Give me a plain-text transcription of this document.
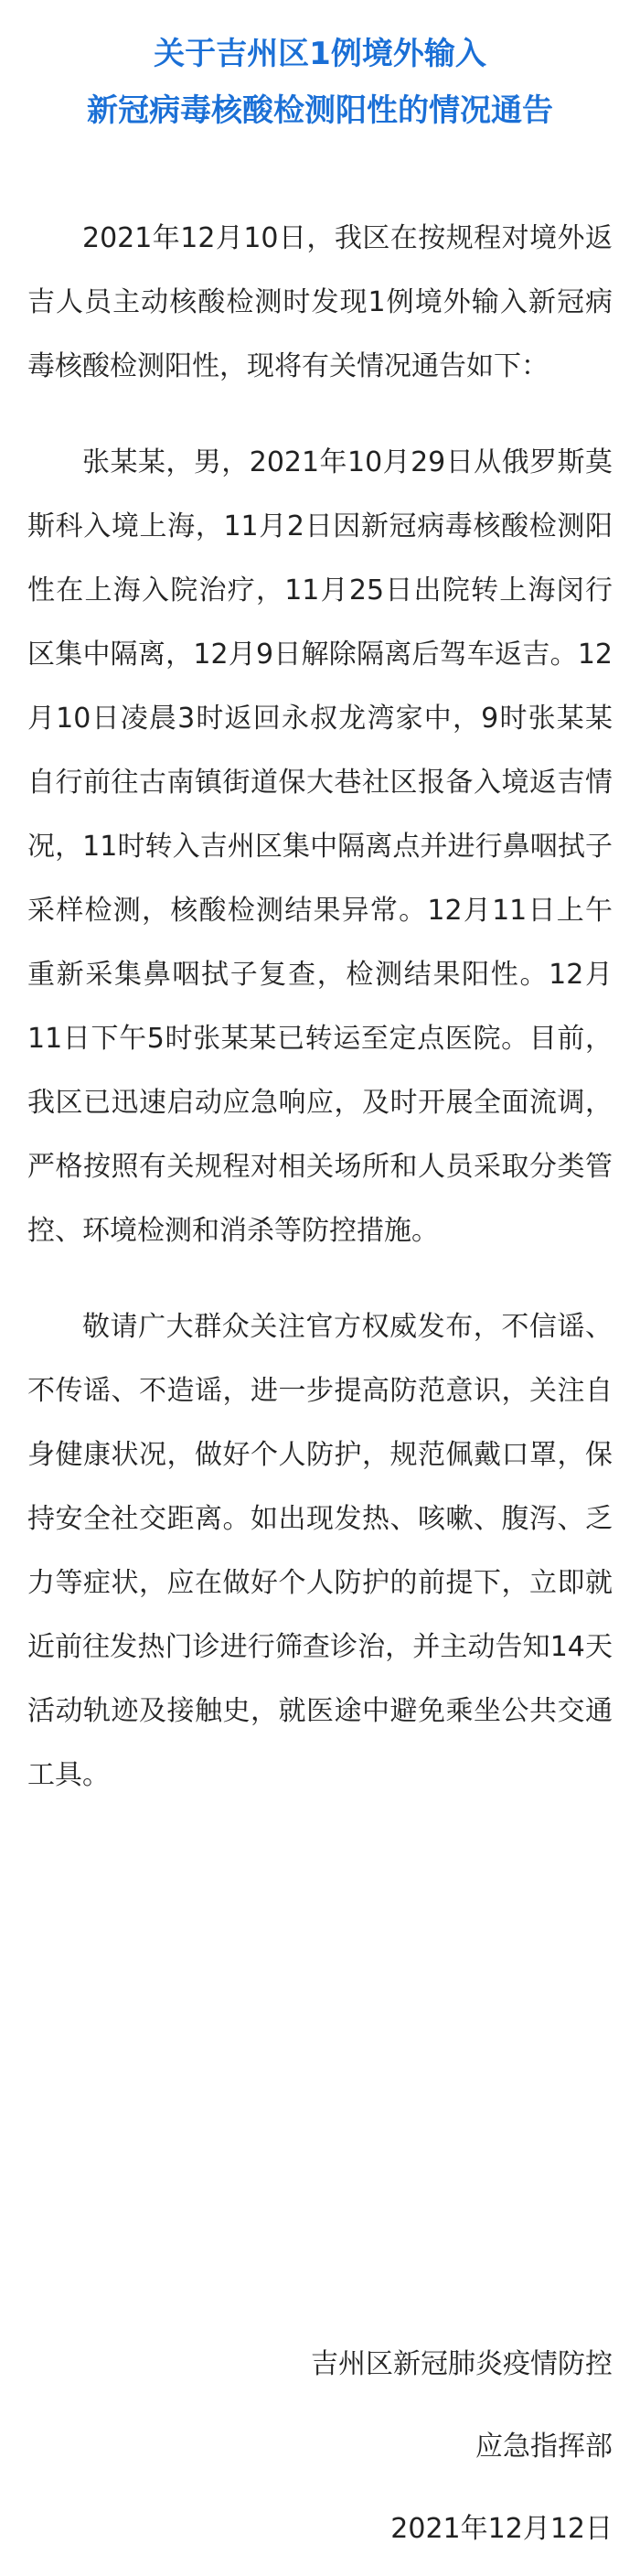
关于吉州区1例境外输入
新冠病毒核酸检测阳性的情况通告

2021年12月10日，我区在按规程对境外返吉人员主动核酸检测时发现1例境外输入新冠病毒核酸检测阳性，现将有关情况通告如下：

张某某，男，2021年10月29日从俄罗斯莫斯科入境上海，11月2日因新冠病毒核酸检测阳性在上海入院治疗，11月25日出院转上海闵行区集中隔离，12月9日解除隔离后驾车返吉。12月10日凌晨3时返回永叔龙湾家中，9时张某某自行前往古南镇街道保大巷社区报备入境返吉情况，11时转入吉州区集中隔离点并进行鼻咽拭子采样检测，核酸检测结果异常。12月11日上午重新采集鼻咽拭子复查，检测结果阳性。12月11日下午5时张某某已转运至定点医院。目前，我区已迅速启动应急响应，及时开展全面流调，严格按照有关规程对相关场所和人员采取分类管控、环境检测和消杀等防控措施。

敬请广大群众关注官方权威发布，不信谣、不传谣、不造谣，进一步提高防范意识，关注自身健康状况，做好个人防护，规范佩戴口罩，保持安全社交距离。如出现发热、咳嗽、腹泻、乏力等症状，应在做好个人防护的前提下，立即就近前往发热门诊进行筛查诊治，并主动告知14天活动轨迹及接触史，就医途中避免乘坐公共交通工具。

吉州区新冠肺炎疫情防控
应急指挥部
2021年12月12日
